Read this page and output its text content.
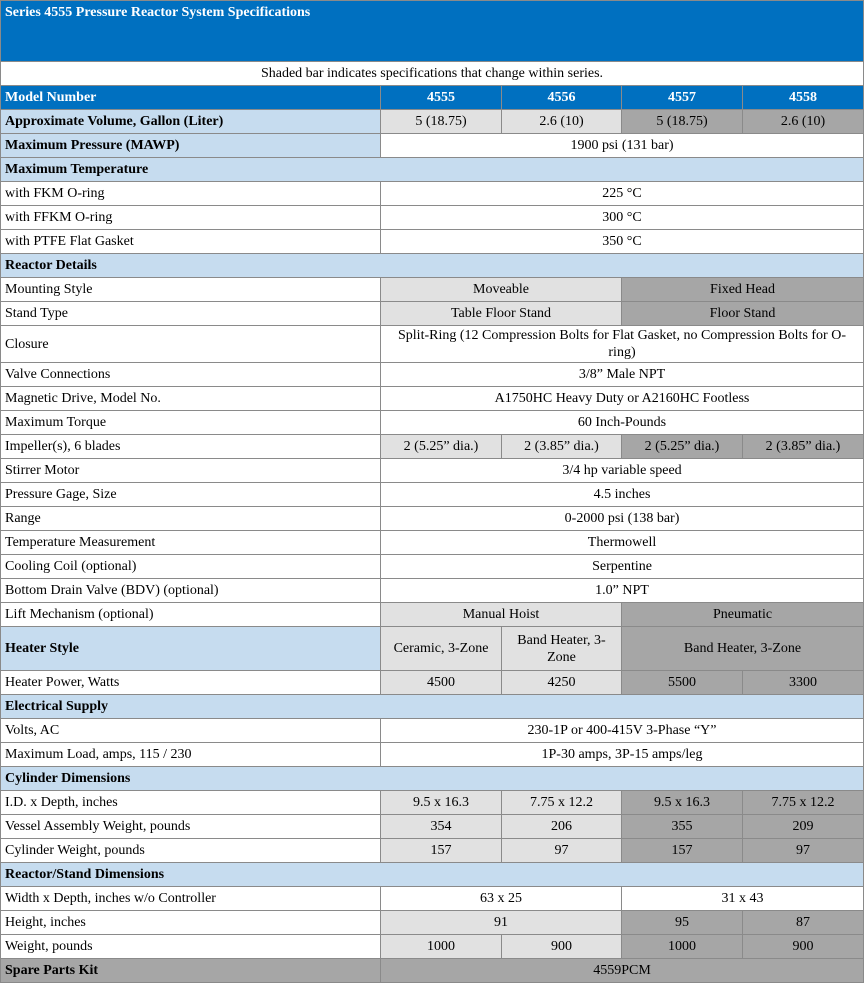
Series 4555 Pressure Reactor System Specifications				
Shaded bar indicates specifications that change within series.				
Model Number	4555	4556	4557	4558
Approximate Volume, Gallon (Liter)	5 (18.75)	2.6 (10)	5 (18.75)	2.6 (10)
Maximum Pressure (MAWP)	1900 psi (131 bar)			
Maximum Temperature				
with FKM O-ring	225 °C			
with FFKM O-ring	300 °C			
with PTFE Flat Gasket	350 °C			
Reactor Details				
Mounting Style	Moveable		Fixed Head	
Stand Type	Table Floor Stand		Floor Stand	
Closure	Split-Ring (12 Compression Bolts for Flat Gasket, no Compression Bolts for O-ring)			
Valve Connections	3/8” Male NPT			
Magnetic Drive, Model No.	A1750HC Heavy Duty or A2160HC Footless			
Maximum Torque	60 Inch-Pounds			
Impeller(s), 6 blades	2 (5.25” dia.)	2 (3.85” dia.)	2 (5.25” dia.)	2 (3.85” dia.)
Stirrer Motor	3/4 hp variable speed			
Pressure Gage, Size	4.5 inches			
Range	0-2000 psi (138 bar)			
Temperature Measurement	Thermowell			
Cooling Coil (optional)	Serpentine			
Bottom Drain Valve (BDV) (optional)	1.0” NPT			
Lift Mechanism (optional)	Manual Hoist		Pneumatic	
Heater Style	Ceramic, 3-Zone	Band Heater, 3-Zone	Band Heater, 3-Zone	
Heater Power, Watts	4500	4250	5500	3300
Electrical Supply				
Volts, AC	230-1P or 400-415V 3-Phase “Y”			
Maximum Load, amps, 115 / 230	1P-30 amps, 3P-15 amps/leg			
Cylinder Dimensions				
I.D. x Depth, inches	9.5 x 16.3	7.75 x 12.2	9.5 x 16.3	7.75 x 12.2
Vessel Assembly Weight, pounds	354	206	355	209
Cylinder Weight, pounds	157	97	157	97
Reactor/Stand Dimensions				
Width x Depth, inches w/o Controller	63 x 25		31 x 43	
Height, inches	91		95	87
Weight, pounds	1000	900	1000	900
Spare Parts Kit	4559PCM			
